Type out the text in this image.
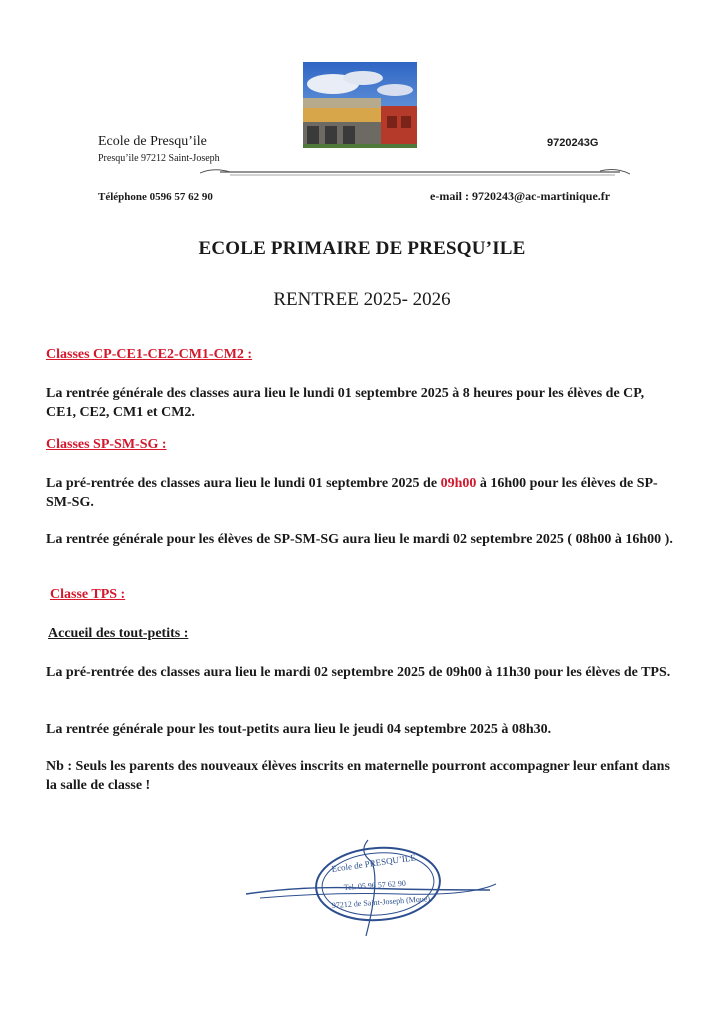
Ecole de Presqu’ile
Presqu’ile 97212 Saint-Joseph
9720243G
Téléphone 0596 57 62 90	e-mail : 9720243@ac-martinique.fr
ECOLE PRIMAIRE DE PRESQU’ILE
RENTREE 2025- 2026
Classes CP-CE1-CE2-CM1-CM2 :
La rentrée générale des classes aura lieu le lundi 01 septembre 2025 à 8 heures pour les élèves de CP, CE1, CE2, CM1 et CM2.
Classes SP-SM-SG :
La pré-rentrée des classes aura lieu le lundi 01 septembre 2025 de 09h00 à 16h00 pour les élèves de SP-SM-SG.
La rentrée générale pour les élèves de SP-SM-SG aura lieu le mardi 02 septembre 2025 ( 08h00 à 16h00 ).
Classe TPS :
Accueil des tout-petits :
La pré-rentrée des classes aura lieu le mardi 02 septembre 2025 de 09h00 à 11h30 pour les élèves de TPS.
La rentrée générale pour les tout-petits aura lieu le jeudi 04 septembre 2025 à 08h30.
Nb : Seuls les parents des nouveaux élèves inscrits en maternelle pourront accompagner leur enfant dans la salle de classe !
Ecole de PRESQU’ILE
Tel. 05 96 57 62 90
97212 de Saint-Joseph (Mque)
